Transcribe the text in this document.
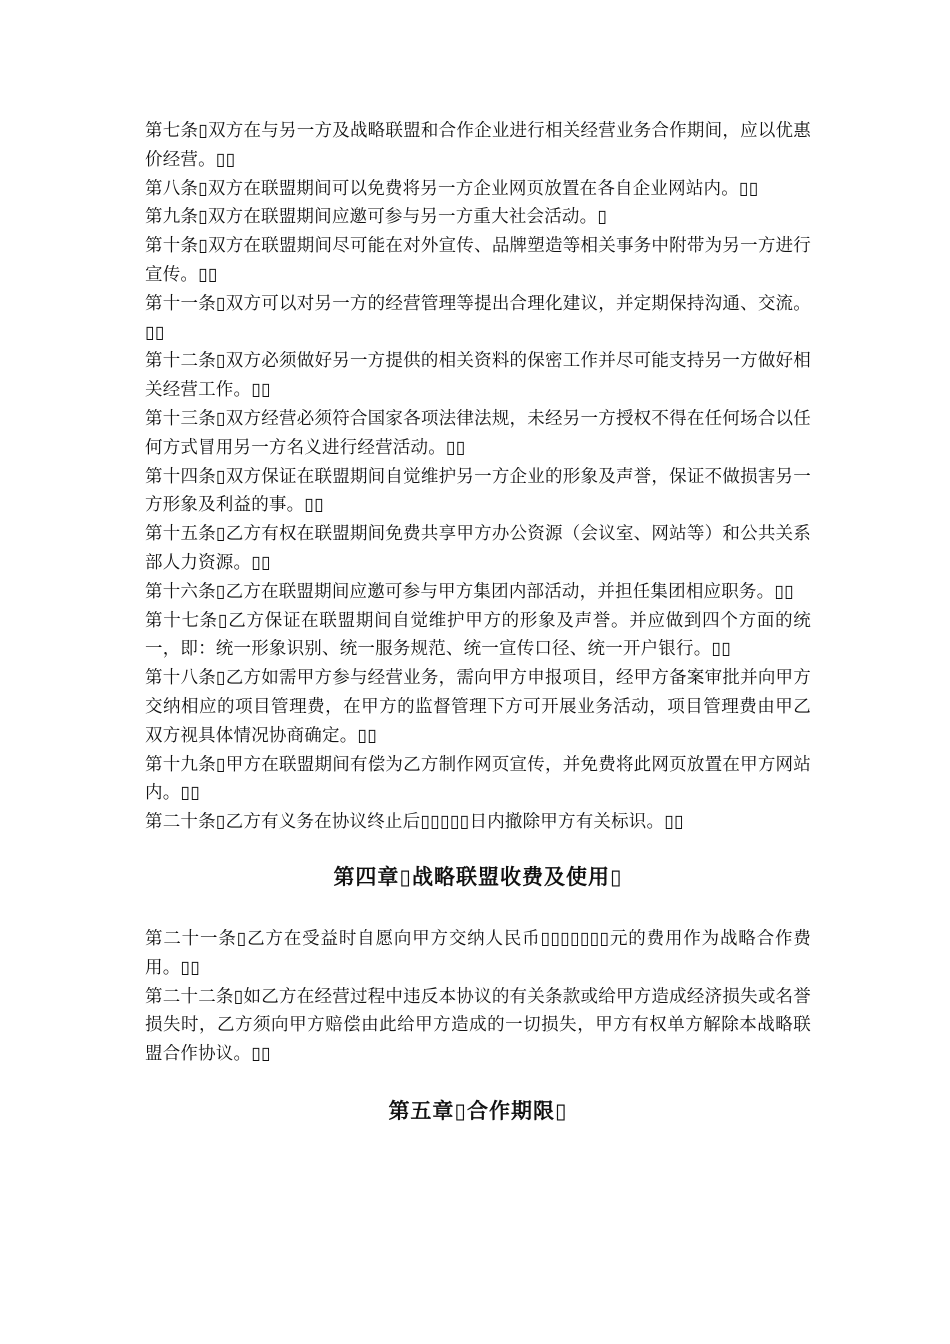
第七条▯双方在与另一方及战略联盟和合作企业进行相关经营业务合作期间，应以优惠价经营。▯▯

第八条▯双方在联盟期间可以免费将另一方企业网页放置在各自企业网站内。▯▯

第九条▯双方在联盟期间应邀可参与另一方重大社会活动。▯

第十条▯双方在联盟期间尽可能在对外宣传、品牌塑造等相关事务中附带为另一方进行宣传。▯▯

第十一条▯双方可以对另一方的经营管理等提出合理化建议，并定期保持沟通、交流。▯▯

第十二条▯双方必须做好另一方提供的相关资料的保密工作并尽可能支持另一方做好相关经营工作。▯▯

第十三条▯双方经营必须符合国家各项法律法规，未经另一方授权不得在任何场合以任何方式冒用另一方名义进行经营活动。▯▯

第十四条▯双方保证在联盟期间自觉维护另一方企业的形象及声誉，保证不做损害另一方形象及利益的事。▯▯

第十五条▯乙方有权在联盟期间免费共享甲方办公资源（会议室、网站等）和公共关系部人力资源。▯▯

第十六条▯乙方在联盟期间应邀可参与甲方集团内部活动，并担任集团相应职务。▯▯

第十七条▯乙方保证在联盟期间自觉维护甲方的形象及声誉。并应做到四个方面的统一，即：统一形象识别、统一服务规范、统一宣传口径、统一开户银行。▯▯

第十八条▯乙方如需甲方参与经营业务，需向甲方申报项目，经甲方备案审批并向甲方交纳相应的项目管理费，在甲方的监督管理下方可开展业务活动，项目管理费由甲乙双方视具体情况协商确定。▯▯

第十九条▯甲方在联盟期间有偿为乙方制作网页宣传，并免费将此网页放置在甲方网站内。▯▯

第二十条▯乙方有义务在协议终止后▯▯▯▯▯日内撤除甲方有关标识。▯▯

第四章▯战略联盟收费及使用▯

第二十一条▯乙方在受益时自愿向甲方交纳人民币▯▯▯▯▯▯▯元的费用作为战略合作费用。▯▯

第二十二条▯如乙方在经营过程中违反本协议的有关条款或给甲方造成经济损失或名誉损失时，乙方须向甲方赔偿由此给甲方造成的一切损失，甲方有权单方解除本战略联盟合作协议。▯▯

第五章▯合作期限▯
